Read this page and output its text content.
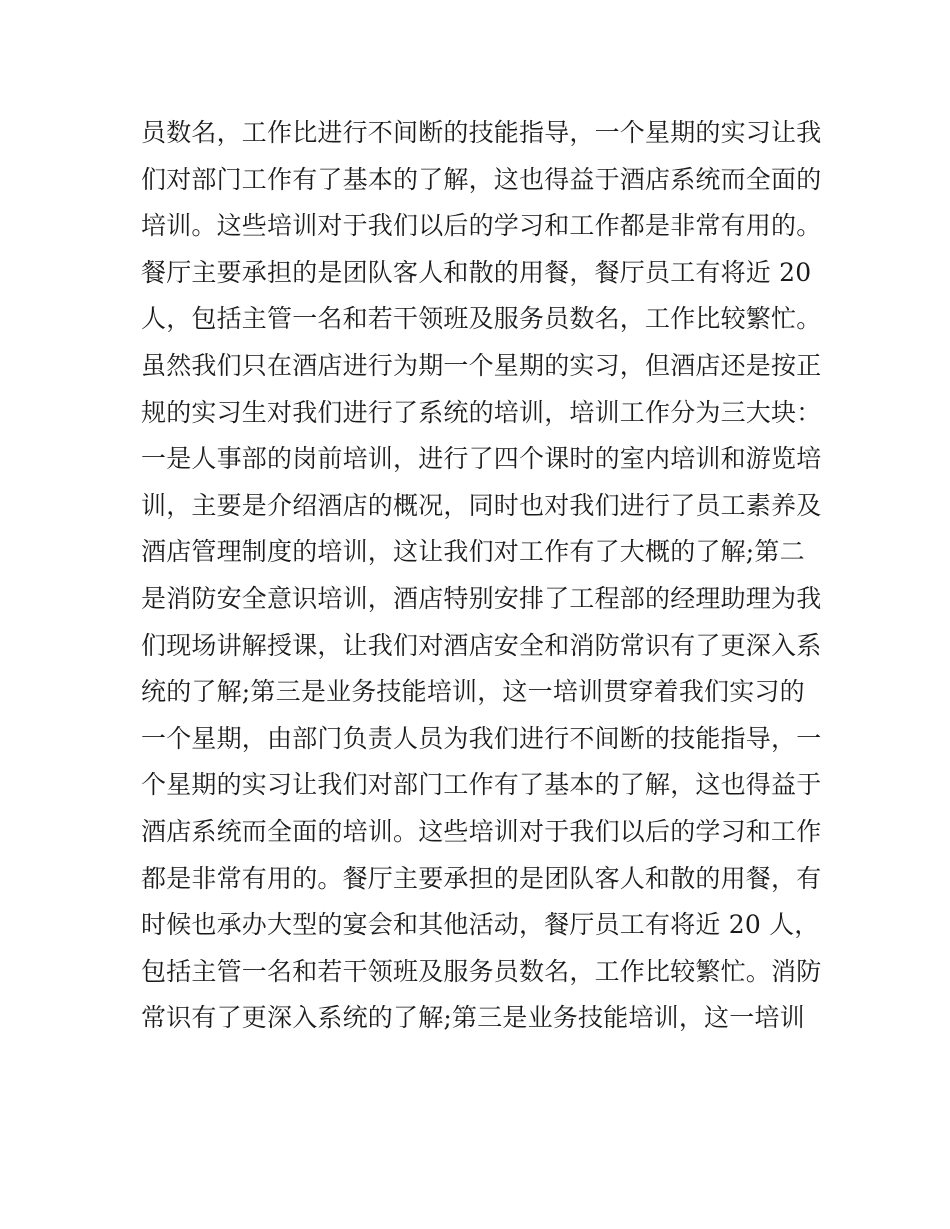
员数名，工作比进行不间断的技能指导，一个星期的实习让我
们对部门工作有了基本的了解，这也得益于酒店系统而全面的
培训。这些培训对于我们以后的学习和工作都是非常有用的。
餐厅主要承担的是团队客人和散的用餐，餐厅员工有将近 20
人，包括主管一名和若干领班及服务员数名，工作比较繁忙。
虽然我们只在酒店进行为期一个星期的实习，但酒店还是按正
规的实习生对我们进行了系统的培训，培训工作分为三大块：
一是人事部的岗前培训，进行了四个课时的室内培训和游览培
训，主要是介绍酒店的概况，同时也对我们进行了员工素养及
酒店管理制度的培训，这让我们对工作有了大概的了解;第二
是消防安全意识培训，酒店特别安排了工程部的经理助理为我
们现场讲解授课，让我们对酒店安全和消防常识有了更深入系
统的了解;第三是业务技能培训，这一培训贯穿着我们实习的
一个星期，由部门负责人员为我们进行不间断的技能指导，一
个星期的实习让我们对部门工作有了基本的了解，这也得益于
酒店系统而全面的培训。这些培训对于我们以后的学习和工作
都是非常有用的。餐厅主要承担的是团队客人和散的用餐，有
时候也承办大型的宴会和其他活动，餐厅员工有将近 20 人，
包括主管一名和若干领班及服务员数名，工作比较繁忙。消防
常识有了更深入系统的了解;第三是业务技能培训，这一培训
